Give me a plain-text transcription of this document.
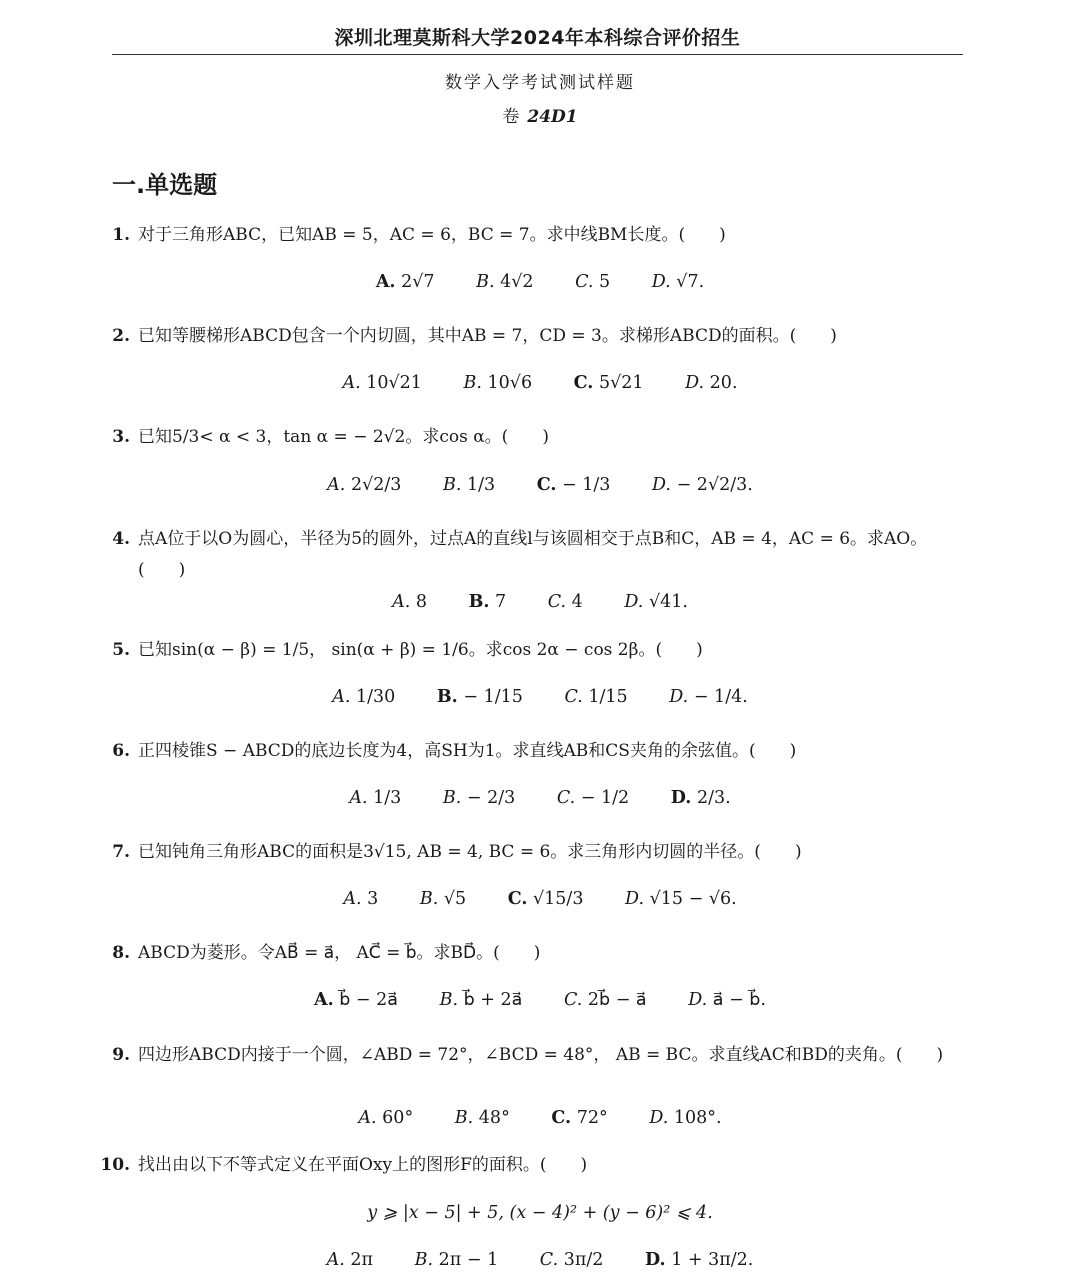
深圳北理莫斯科大学2024年本科综合评价招生
数学入学考试测试样题
卷 24D1
一.单选题
1. 对于三角形ABC，已知AB = 5，AC = 6，BC = 7。求中线BM长度。(　　)
A. 2√7 B. 4√2 C. 5 D. √7.
2. 已知等腰梯形ABCD包含一个内切圆，其中AB = 7，CD = 3。求梯形ABCD的面积。(　　)
A. 10√21 B. 10√6 C. 5√21 D. 20.
3. 已知5/3< α < 3，tan α = − 2√2。求cos α。(　　)
A. 2√2/3 B. 1/3 C. − 1/3 D. − 2√2/3.
4. 点A位于以O为圆心，半径为5的圆外，过点A的直线l与该圆相交于点B和C，AB = 4，AC = 6。求AO。(　　)
A. 8 B. 7 C. 4 D. √41.
5. 已知sin(α − β) = 1/5， sin(α + β) = 1/6。求cos 2α − cos 2β。(　　)
A. 1/30 B. − 1/15 C. 1/15 D. − 1/4.
6. 正四棱锥S − ABCD的底边长度为4，高SH为1。求直线AB和CS夹角的余弦值。(　　)
A. 1/3 B. − 2/3 C. − 1/2 D. 2/3.
7. 已知钝角三角形ABC的面积是3√15, AB = 4, BC = 6。求三角形内切圆的半径。(　　)
A. 3 B. √5 C. √15/3 D. √15 − √6.
8. ABCD为菱形。令AB⃗ = a⃗， AC⃗ = b⃗。求BD⃗。(　　)
A. b⃗ − 2a⃗ B. b⃗ + 2a⃗ C. 2b⃗ − a⃗ D. a⃗ − b⃗.
9. 四边形ABCD内接于一个圆，∠ABD = 72°，∠BCD = 48°， AB = BC。求直线AC和BD的夹角。(　　)
A. 60° B. 48° C. 72° D. 108°.
10. 找出由以下不等式定义在平面Oxy上的图形F的面积。(　　)
y ⩾ |x − 5| + 5, (x − 4)² + (y − 6)² ⩽ 4.
A. 2π B. 2π − 1 C. 3π/2 D. 1 + 3π/2.
